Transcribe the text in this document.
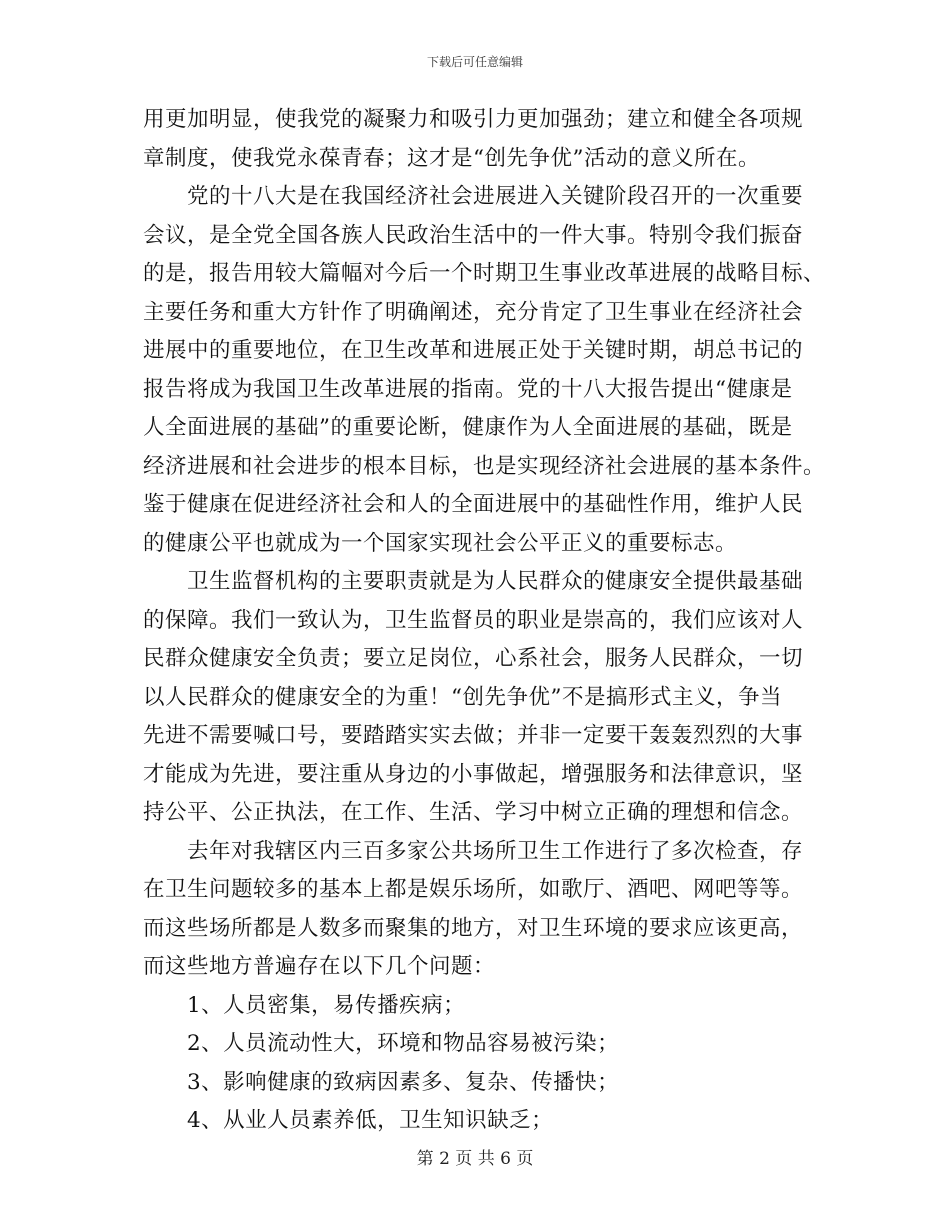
下载后可任意编辑
用更加明显，使我党的凝聚力和吸引力更加强劲；建立和健全各项规
章制度，使我党永葆青春；这才是“创先争优”活动的意义所在。
　　党的十八大是在我国经济社会进展进入关键阶段召开的一次重要
会议，是全党全国各族人民政治生活中的一件大事。特别令我们振奋
的是，报告用较大篇幅对今后一个时期卫生事业改革进展的战略目标、
主要任务和重大方针作了明确阐述，充分肯定了卫生事业在经济社会
进展中的重要地位，在卫生改革和进展正处于关键时期，胡总书记的
报告将成为我国卫生改革进展的指南。党的十八大报告提出“健康是
人全面进展的基础”的重要论断，健康作为人全面进展的基础，既是
经济进展和社会进步的根本目标，也是实现经济社会进展的基本条件。
鉴于健康在促进经济社会和人的全面进展中的基础性作用，维护人民
的健康公平也就成为一个国家实现社会公平正义的重要标志。
　　卫生监督机构的主要职责就是为人民群众的健康安全提供最基础
的保障。我们一致认为，卫生监督员的职业是崇高的，我们应该对人
民群众健康安全负责；要立足岗位，心系社会，服务人民群众，一切
以人民群众的健康安全的为重！“创先争优”不是搞形式主义，争当
先进不需要喊口号，要踏踏实实去做；并非一定要干轰轰烈烈的大事
才能成为先进，要注重从身边的小事做起，增强服务和法律意识，坚
持公平、公正执法，在工作、生活、学习中树立正确的理想和信念。
　　去年对我辖区内三百多家公共场所卫生工作进行了多次检查，存
在卫生问题较多的基本上都是娱乐场所，如歌厅、酒吧、网吧等等。
而这些场所都是人数多而聚集的地方，对卫生环境的要求应该更高，
而这些地方普遍存在以下几个问题：
　　1、人员密集，易传播疾病；
　　2、人员流动性大，环境和物品容易被污染；
　　3、影响健康的致病因素多、复杂、传播快；
　　4、从业人员素养低，卫生知识缺乏；
第 2 页 共 6 页
